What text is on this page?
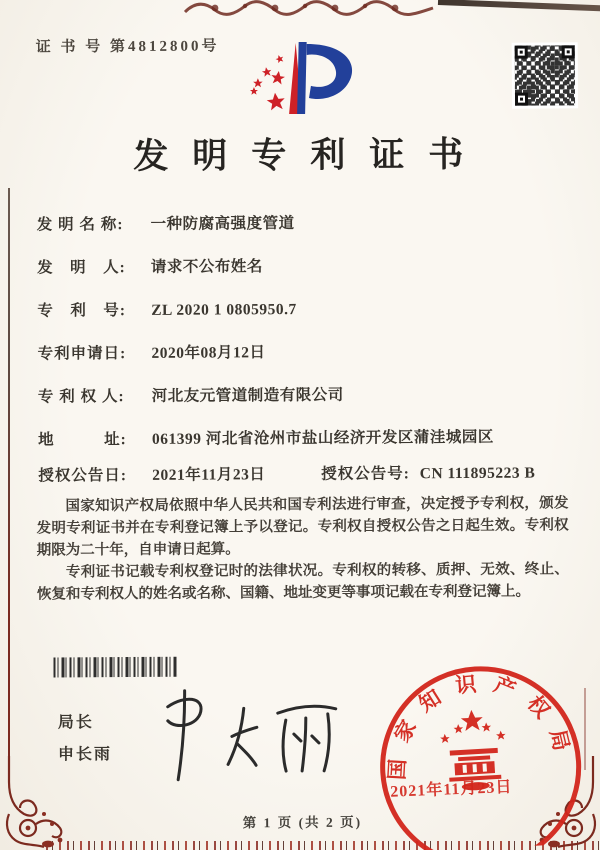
证 书 号 第4812800号
发明专利证书
发 明 名 称: 一种防腐高强度管道
发　明　人: 请求不公布姓名
专　利　号: ZL 2020 1 0805950.7
专利申请日: 2020年08月12日
专 利 权 人: 河北友元管道制造有限公司
地　　　址: 061399 河北省沧州市盐山经济开发区蒲洼城园区
授权公告日: 2021年11月23日	授权公告号: CN 111895223 B

国家知识产权局依照中华人民共和国专利法进行审查，决定授予专利权，颁发发明专利证书并在专利登记簿上予以登记。专利权自授权公告之日起生效。专利权期限为二十年，自申请日起算。

专利证书记载专利权登记时的法律状况。专利权的转移、质押、无效、终止、恢复和专利权人的姓名或名称、国籍、地址变更等事项记载在专利登记簿上。

局长
申长雨	国家知识产权局
2021年11月23日
第 1 页 (共 2 页)
